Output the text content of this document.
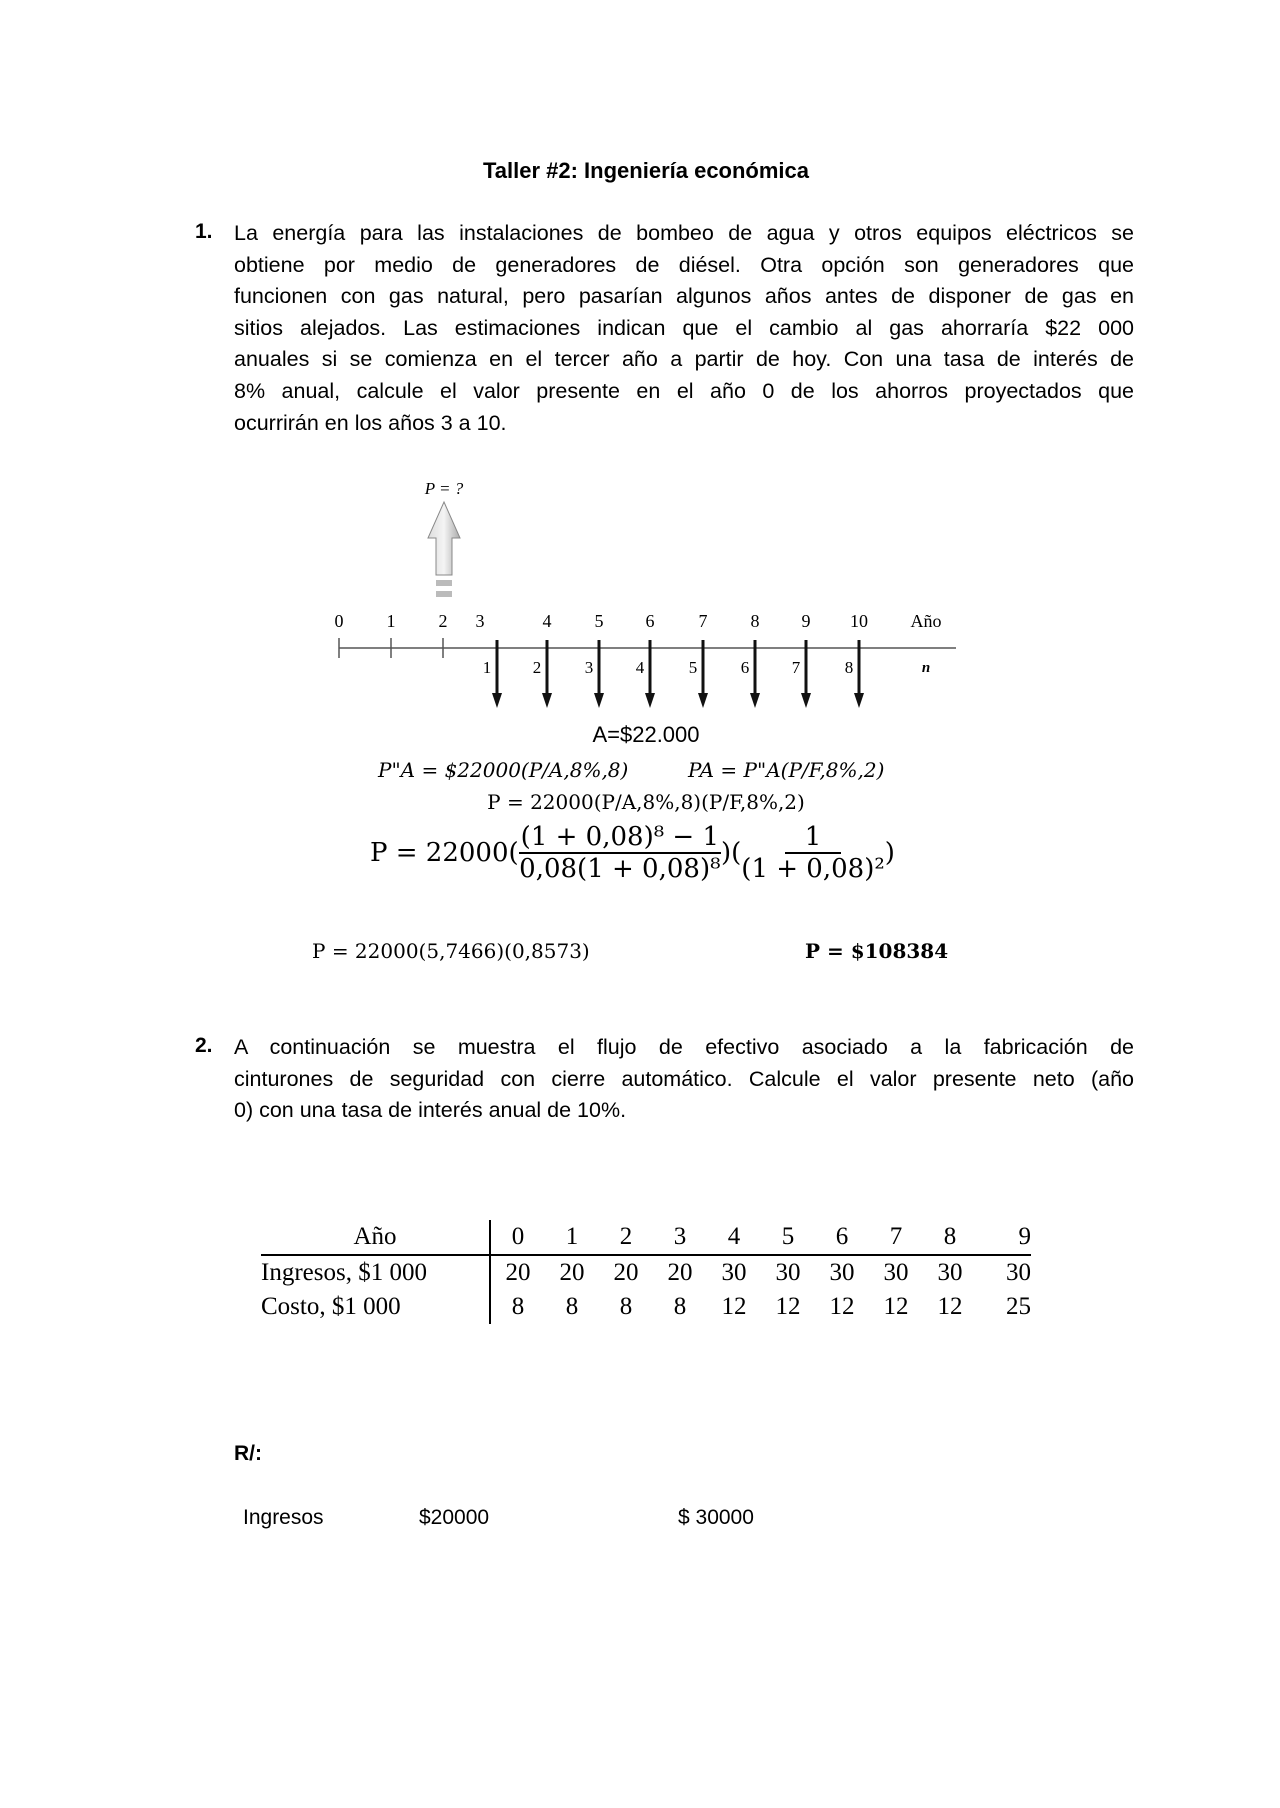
Taller #2: Ingeniería económica
1. La energía para las instalaciones de bombeo de agua y otros equipos eléctricos se
obtiene por medio de generadores de diésel. Otra opción son generadores que
funcionen con gas natural, pero pasarían algunos años antes de disponer de gas en
sitios alejados. Las estimaciones indican que el cambio al gas ahorraría $22 000
anuales si se comienza en el tercer año a partir de hoy. Con una tasa de interés de
8% anual, calcule el valor presente en el año 0 de los ahorros proyectados que
ocurrirán en los años 3 a 10.
P = ?
0 1 2 3	4 5 6 7 8 9 10
1 2	3	4	5	6	7	8
Año
n
A=$22.000
P"A = $22000(P/A,8%,8)	PA = P"A(P/F,8%,2)
P = 22000(P/A,8%,8)(P/F,8%,2)
$P = 22000( \frac{\text{(1 + 0,08)⁸ − 1}}{\text{0,08(1 + 0,08)⁸}}$ )( $\frac{1}{\text{(1 + 0,08)²}}$ )
P = 22000(5,7466)(0,8573)	P = $108384
2. A continuación se muestra el flujo de efectivo asociado a la fabricación de
cinturones de seguridad con cierre automático. Calcule el valor presente neto (año
0) con una tasa de interés anual de 10%.
Año	0	1	2	3	4	5	6	7	8	9
Ingresos, $1 000	20	20	20	20	30	30	30	30	30	30
Costo, $1 000	8	8	8	8	12	12	12	12	12	25
R/:
Ingresos	$20000	$ 30000
